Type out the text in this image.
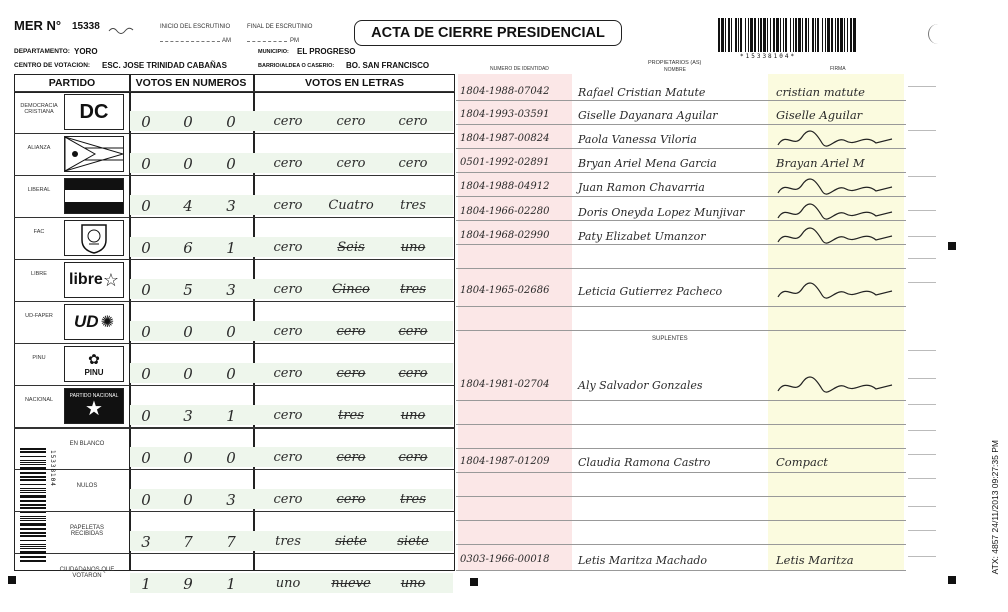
MER N° 15338	INICIO DEL ESCRUTINIO
AM
FINAL DE ESCRUTINIO
PM	ACTA DE CIERRE PRESIDENCIAL
*15338104*
DEPARTAMENTO: YORO	MUNICIPIO: EL PROGRESO
CENTRO DE VOTACION: ESC. JOSE TRINIDAD CABAÑAS	BARRIO/ALDEA O CASERIO: BO. SAN FRANCISCO	NUMERO DE IDENTIDAD
PROPIETARIOS (AS)
NOMBRE	FIRMA
PARTIDO	VOTOS EN NUMEROS	VOTOS EN LETRAS
DEMOCRACIA CRISTIANA	DC	0	0	0	cero	cero	cero
ALIANZA
0	0	0	cero	cero	cero
LIBERAL
0	4	3	cero	Cuatro	tres
FAC
0	6	1	cero	Seis	uno
LIBRE	libre ☆
0	5	3	cero	Cinco	tres
UD-FAPER	UD ✺
0	0	0	cero	cero	cero
PINU	✿
PINU	0	0	0	cero	cero	cero
NACIONAL
PARTIDO NACIONAL
★	0	3	1	cero	tres	uno
EN BLANCO
0	0	0	cero	cero	cero
NULOS
0	0	3	cero	cero	tres
PAPELETAS RECIBIDAS	3	7	7	tres	siete	siete
CIUDADANOS QUE VOTARON	1	9	1	uno	nueve	uno
15338104
SUPLENTES
1804-1988-07042	Rafael Cristian Matute	cristian matute
1804-1993-03591	Giselle Dayanara Aguilar	Giselle Aguilar
1804-1987-00824	Paola Vanessa Viloria
0501-1992-02891	Bryan Ariel Mena Garcia	Brayan Ariel M
1804-1988-04912	Juan Ramon Chavarria
1804-1966-02280	Doris Oneyda Lopez Munjivar
1804-1968-02990	Paty Elizabet Umanzor
1804-1965-02686	Leticia Gutierrez Pacheco
1804-1981-02704	Aly Salvador Gonzales
1804-1987-01209	Claudia Ramona Castro	Compact
0303-1966-00018	Letis Maritza Machado	Letis Maritza	ATX: 4857 24/11/2013 09:27:35 PM
